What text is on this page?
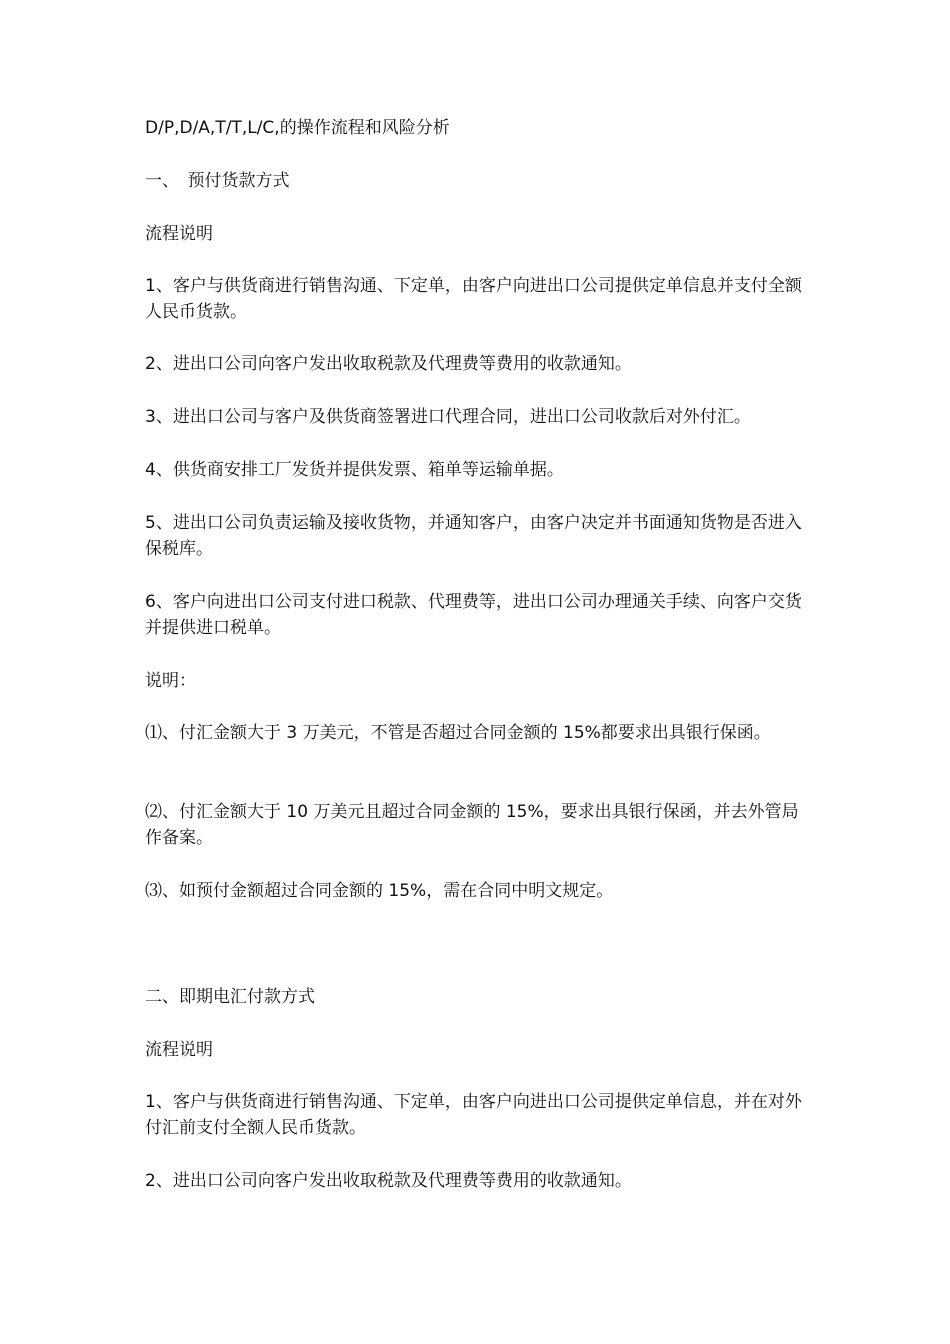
D/P,D/A,T/T,L/C,的操作流程和风险分析

一、　预付货款方式

流程说明

1、客户与供货商进行销售沟通、下定单，由客户向进出口公司提供定单信息并支付全额人民币货款。

2、进出口公司向客户发出收取税款及代理费等费用的收款通知。

3、进出口公司与客户及供货商签署进口代理合同，进出口公司收款后对外付汇。

4、供货商安排工厂发货并提供发票、箱单等运输单据。

5、进出口公司负责运输及接收货物，并通知客户，由客户决定并书面通知货物是否进入保税库。

6、客户向进出口公司支付进口税款、代理费等，进出口公司办理通关手续、向客户交货并提供进口税单。

说明：

⑴、付汇金额大于 3 万美元，不管是否超过合同金额的 15%都要求出具银行保函。

⑵、付汇金额大于 10 万美元且超过合同金额的 15%，要求出具银行保函，并去外管局作备案。

⑶、如预付金额超过合同金额的 15%，需在合同中明文规定。

二、即期电汇付款方式

流程说明

1、客户与供货商进行销售沟通、下定单，由客户向进出口公司提供定单信息，并在对外付汇前支付全额人民币货款。

2、进出口公司向客户发出收取税款及代理费等费用的收款通知。
